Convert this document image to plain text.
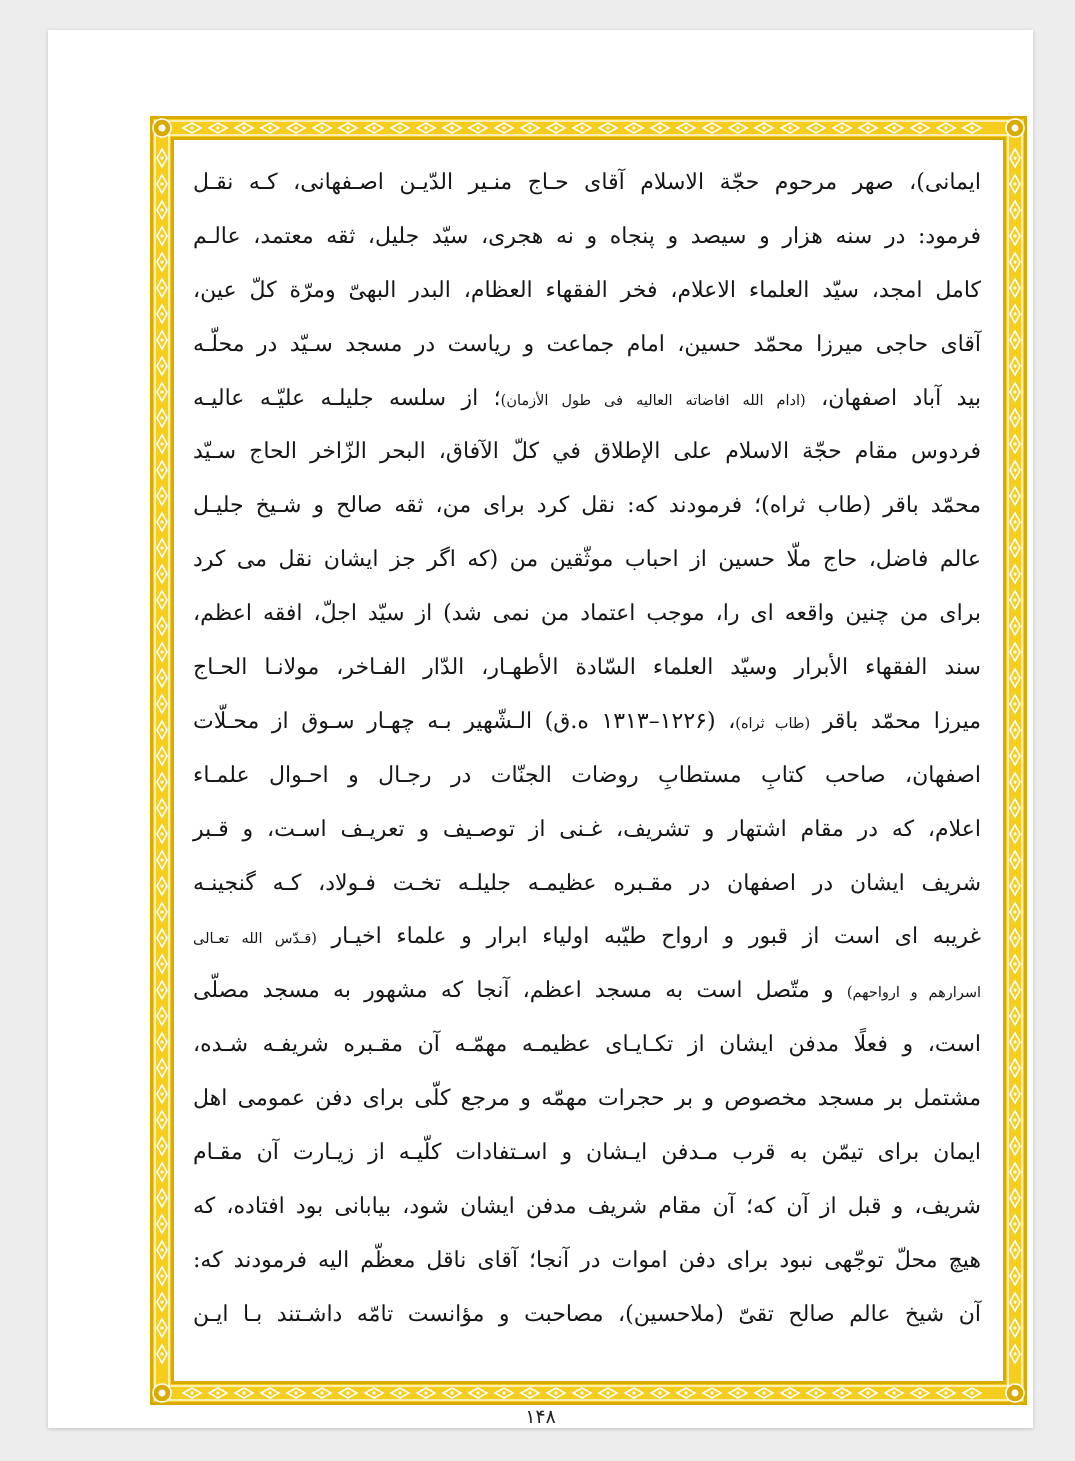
ایمانی)، صهر مرحوم حجّة الاسلام آقای حـاج منـیر الدّیـن اصـفهانی، کـه نقـل
فرمود: در سنه هزار و سیصد و پنجاه و نه هجری، سیّد جلیل، ثقه معتمد، عالـم
کامل امجد، سیّد العلماء الاعلام، فخر الفقهاء العظام، البدر البهیّ ومرّة کلّ عین،
آقای حاجی میرزا محمّد حسین، امام جماعت و ریاست در مسجد سـیّد در محلّـه
بید آباد اصفهان، (ادام الله افاضاته العالیه فی طول الأزمان)؛ از سلسه جلیلـه علیّـه عالیـه
فردوس مقام حجّة الاسلام علی الإطلاق في کلّ الآفاق، البحر الزّاخر الحاج سـیّد
محمّد باقر (طاب ثراه)؛ فرمودند که: نقل کرد برای من، ثقه صالح و شـیخ جلیـل
عالم فاضل، حاج ملّا حسین از احباب موثّقین من (که اگر جز ایشان نقل می کرد
برای من چنین واقعه ای را، موجب اعتماد من نمی شد) از سیّد اجلّ، افقه اعظم،
سند الفقهاء الأبرار وسیّد العلماء السّادة الأطهـار، الدّار الفـاخر، مولانـا الحـاج
میرزا محمّد باقر (طاب ثراه)، (۱۲۲۶–۱۳۱۳ ه.ق) الـشّهیر بـه چهـار سـوق از محـلّات
اصفهان، صاحب کتابِ مستطابِ روضات الجنّات در رجـال و احـوال علمـاء
اعلام، که در مقام اشتهار و تشریف، غـنی از توصـیف و تعریـف اسـت، و قـبر
شریف ایشان در اصفهان در مقـبره عظیمـه جلیلـه تخـت فـولاد، کـه گنجینـه
غریبه ای است از قبور و ارواح طیّبه اولیاء ابرار و علماء اخیـار (قـدّس الله تعـالی
اسرارهم و ارواحهم) و متّصل است به مسجد اعظم، آنجا که مشهور به مسجد مصلّی
است، و فعلًا مدفن ایشان از تکـایـای عظیمـه مهمّـه آن مقـبره شریفـه شـده،
مشتمل بر مسجد مخصوص و بر حجرات مهمّه و مرجع کلّی برای دفن عمومی اهل
ایمان برای تیمّن به قرب مـدفن ایـشان و اسـتفادات کلّیـه از زیـارت آن مقـام
شریف، و قبل از آن که؛ آن مقام شریف مدفن ایشان شود، بیابانی بود افتاده، که
هیچ محلّ توجّهی نبود برای دفن اموات در آنجا؛ آقای ناقل معظّم الیه فرمودند که:
آن شیخ عالم صالح تقیّ (ملاحسین)، مصاحبت و مؤانست تامّه داشـتند بـا ایـن
۱۴۸
